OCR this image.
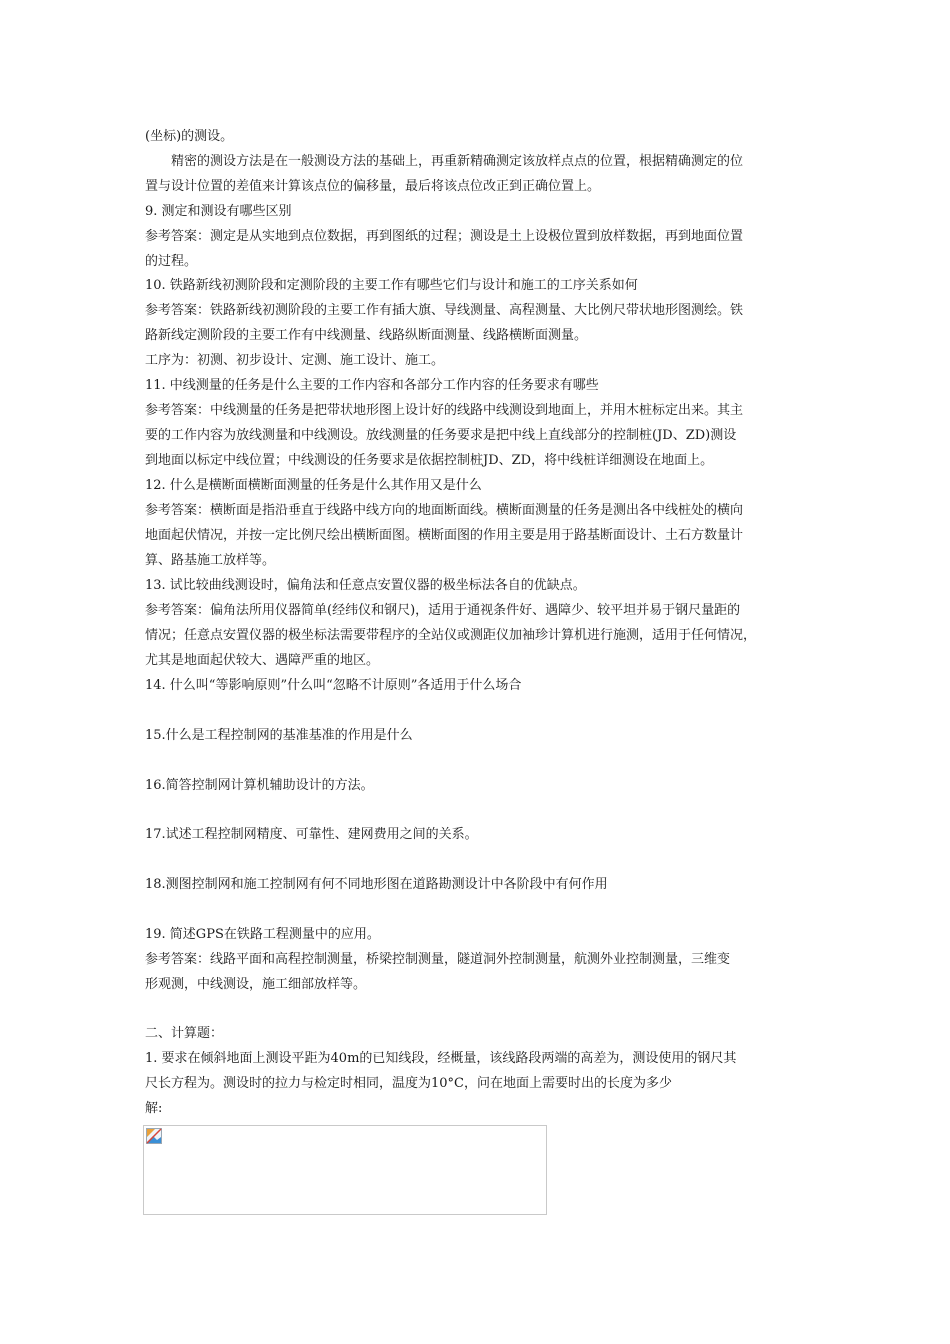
(坐标)的测设。
　　精密的测设方法是在一般测设方法的基础上，再重新精确测定该放样点点的位置，根据精确测定的位
置与设计位置的差值来计算该点位的偏移量，最后将该点位改正到正确位置上。
9. 测定和测设有哪些区别
参考答案：测定是从实地到点位数据，再到图纸的过程；测设是土上设极位置到放样数据，再到地面位置
的过程。
10. 铁路新线初测阶段和定测阶段的主要工作有哪些它们与设计和施工的工序关系如何
参考答案：铁路新线初测阶段的主要工作有插大旗、导线测量、高程测量、大比例尺带状地形图测绘。铁
路新线定测阶段的主要工作有中线测量、线路纵断面测量、线路横断面测量。
工序为：初测、初步设计、定测、施工设计、施工。
11. 中线测量的任务是什么主要的工作内容和各部分工作内容的任务要求有哪些
参考答案：中线测量的任务是把带状地形图上设计好的线路中线测设到地面上，并用木桩标定出来。其主
要的工作内容为放线测量和中线测设。放线测量的任务要求是把中线上直线部分的控制桩(JD、ZD)测设
到地面以标定中线位置；中线测设的任务要求是依据控制桩JD、ZD，将中线桩详细测设在地面上。
12. 什么是横断面横断面测量的任务是什么其作用又是什么
参考答案：横断面是指沿垂直于线路中线方向的地面断面线。横断面测量的任务是测出各中线桩处的横向
地面起伏情况，并按一定比例尺绘出横断面图。横断面图的作用主要是用于路基断面设计、土石方数量计
算、路基施工放样等。
13. 试比较曲线测设时，偏角法和任意点安置仪器的极坐标法各自的优缺点。
参考答案：偏角法所用仪器简单(经纬仪和钢尺)，适用于通视条件好、遇障少、较平坦并易于钢尺量距的
情况；任意点安置仪器的极坐标法需要带程序的全站仪或测距仪加袖珍计算机进行施测，适用于任何情况，
尤其是地面起伏较大、遇障严重的地区。
14. 什么叫“等影响原则”什么叫“忽略不计原则”各适用于什么场合
15.什么是工程控制网的基准基准的作用是什么
16.简答控制网计算机辅助设计的方法。
17.试述工程控制网精度、可靠性、建网费用之间的关系。
18.测图控制网和施工控制网有何不同地形图在道路勘测设计中各阶段中有何作用
19. 简述GPS在铁路工程测量中的应用。
参考答案：线路平面和高程控制测量，桥梁控制测量，隧道洞外控制测量，航测外业控制测量，三维变
形观测，中线测设，施工细部放样等。
二、计算题：
1. 要求在倾斜地面上测设平距为40m的已知线段，经概量，该线路段两端的高差为，测设使用的钢尺其
尺长方程为。测设时的拉力与检定时相同，温度为10°C，问在地面上需要时出的长度为多少
解:
